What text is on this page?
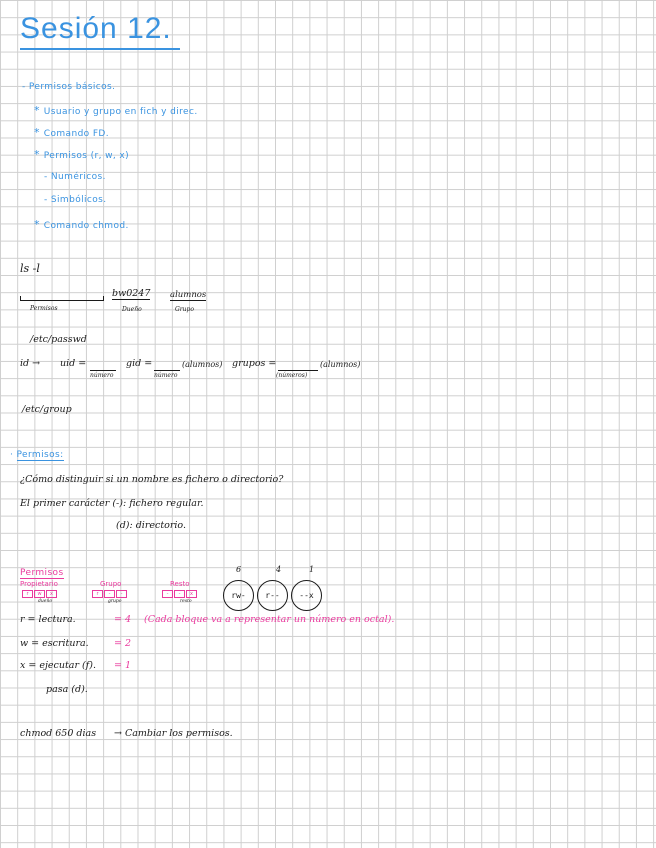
Sesión 12.
- Permisos básicos.
* Usuario y grupo en fich y direc.
* Comando FD.
* Permisos (r, w, x)
- Numéricos.
- Simbólicos.
* Comando chmod.
ls -l
bw0247 alumnos
Permisos	Dueño	Grupo
/etc/passwd
id → uid =
número
gid =
número
(alumnos) grupos =
(números)
(alumnos)
/etc/group
· Permisos:
¿Cómo distinguir si un nombre es fichero o directorio?
El primer carácter (-): fichero regular.
(d): directorio.
Permisos
Propietario	Grupo	Resto
r	w	x	r	-	-	-	-	x
dueño	grupo	resto
6	4	1
rw-	r--	--x
r = lectura.	= 4 (Cada bloque va a representar un número en octal).
w = escritura.	= 2
x = ejecutar (f). = 1
pasa (d).
chmod 650 dias → Cambiar los permisos.
